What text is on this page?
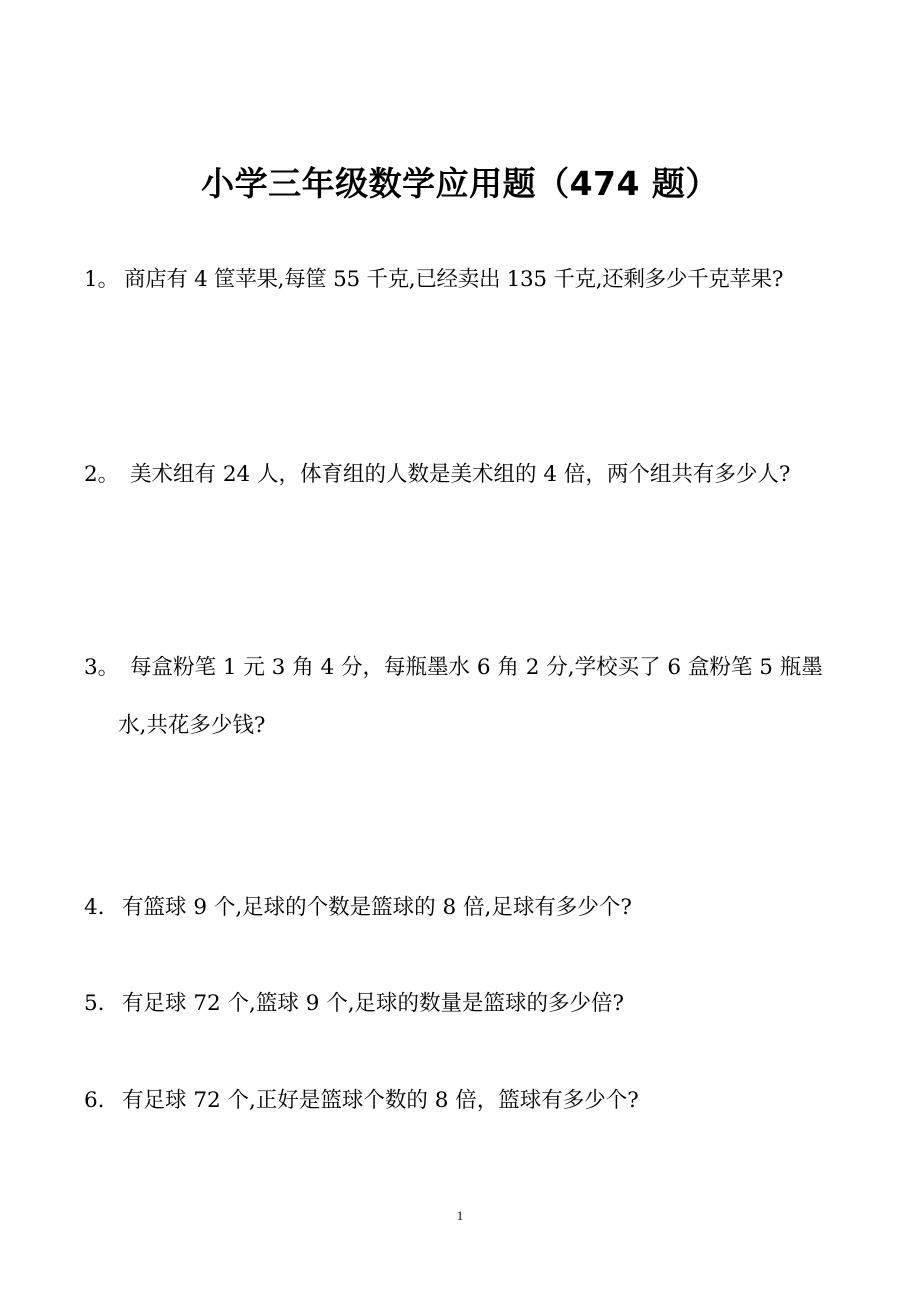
小学三年级数学应用题（474 题）
1。 商店有 4 筐苹果,每筐 55 千克,已经卖出 135 千克,还剩多少千克苹果?
2。 美术组有 24 人，体育组的人数是美术组的 4 倍，两个组共有多少人?
3。 每盒粉笔 1 元 3 角 4 分，每瓶墨水 6 角 2 分,学校买了 6 盒粉笔 5 瓶墨水,共花多少钱?
4. 有篮球 9 个,足球的个数是篮球的 8 倍,足球有多少个?
5. 有足球 72 个,篮球 9 个,足球的数量是篮球的多少倍?
6. 有足球 72 个,正好是篮球个数的 8 倍，篮球有多少个?
1
